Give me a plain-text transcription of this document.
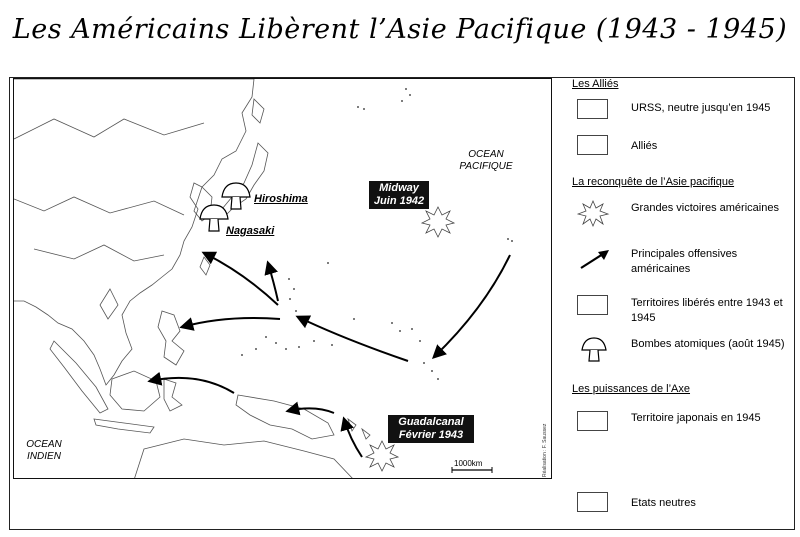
Les Américains Libèrent l’Asie Pacifique (1943 - 1945)
OCEAN PACIFIQUE
OCEAN INDIEN
Midway Juin 1942
Guadalcanal Février 1943
Hiroshima
Nagasaki
1000km	Réalisation : F. Saussez
Les Alliés
URSS, neutre jusqu’en 1945
Alliés
La reconquête de l’Asie pacifique
Grandes victoires américaines
Principales offensives américaines
Territoires libérés entre 1943 et 1945
Bombes atomiques (août 1945)
Les puissances de l’Axe
Territoire japonais en 1945
Etats neutres
